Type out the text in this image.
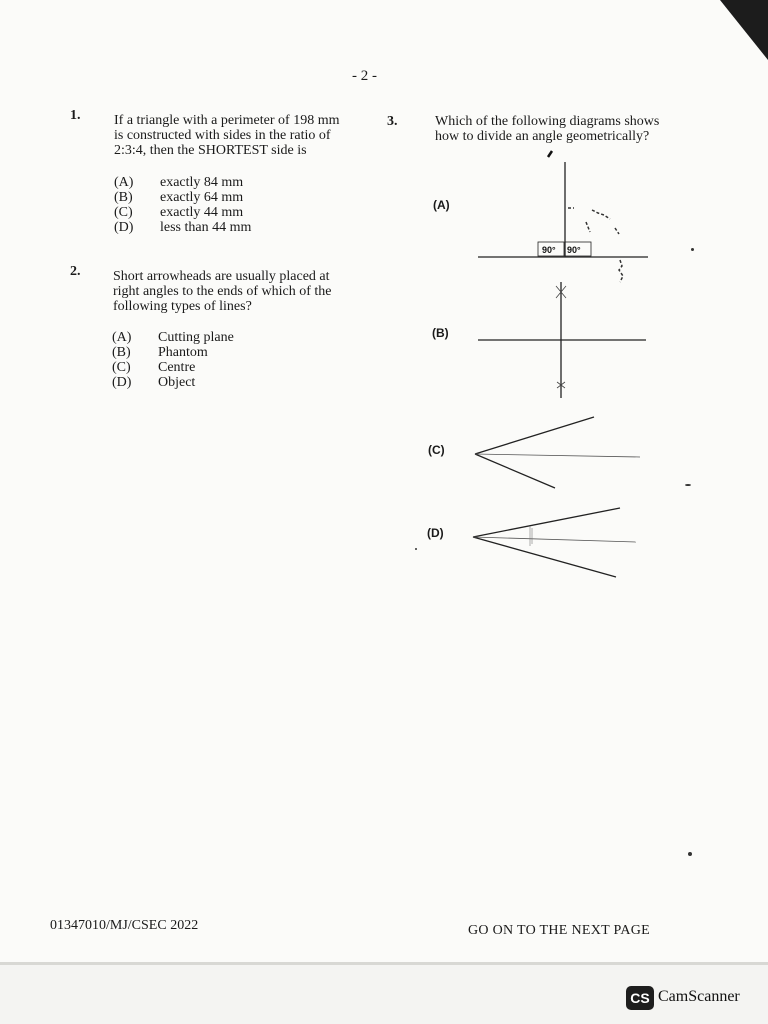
- 2 -
1. If a triangle with a perimeter of 198 mm
is constructed with sides in the ratio of
2:3:4, then the SHORTEST side is
(A) exactly 84 mm
(B) exactly 64 mm
(C) exactly 44 mm
(D) less than 44 mm
2. Short arrowheads are usually placed at
right angles to the ends of which of the
following types of lines?
(A) Cutting plane
(B) Phantom
(C) Centre
(D) Object
3.	Which of the following diagrams shows
how to divide an angle geometrically?
(A)
90° 90°
(B)
(C)
(D)
01347010/MJ/CSEC 2022	GO ON TO THE NEXT PAGE
CS CamScanner
